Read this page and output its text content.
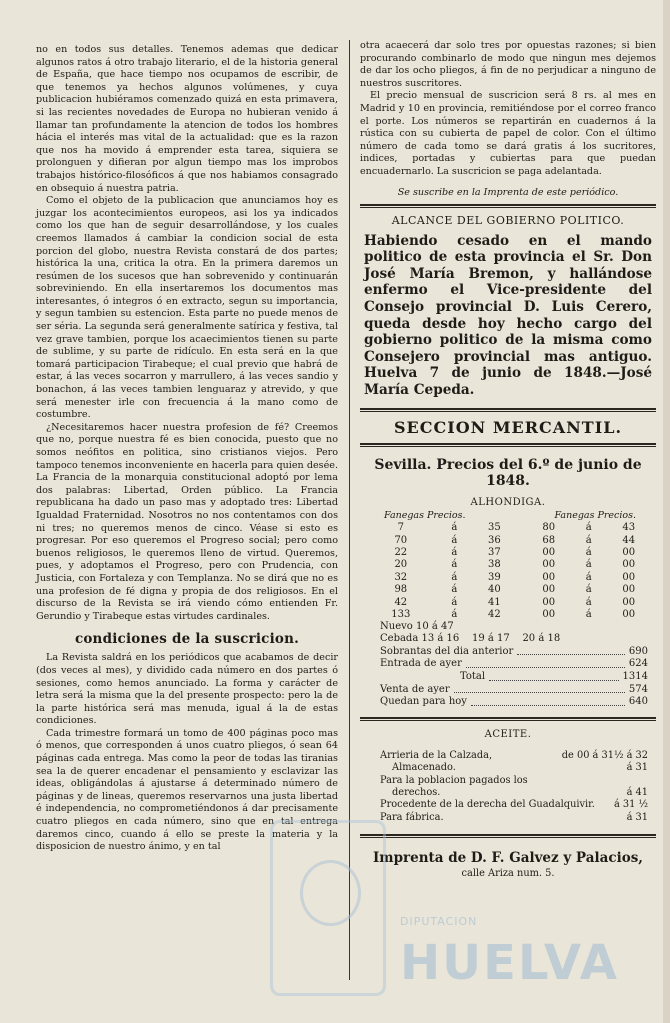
no en todos sus detalles. Tenemos ademas que dedicar algunos ratos á otro trabajo literario, el de la historia general de España, que hace tiempo nos ocupamos de escribir, de que tenemos ya hechos algunos volúmenes, y cuya publicacion hubiéramos comenzado quizá en esta primavera, si las recientes novedades de Europa no hubieran venido á llamar tan profundamente la atencion de todos los hombres hácia el interés mas vital de la actualidad: que es la razon que nos ha movido á emprender esta tarea, siquiera se prolonguen y difieran por algun tiempo mas los improbos trabajos histórico-filosóficos á que nos habiamos consagrado en obsequio á nuestra patria.

Como el objeto de la publicacion que anunciamos hoy es juzgar los acontecimientos europeos, asi los ya indicados como los que han de seguir desarrollándose, y los cuales creemos llamados á cambiar la condicion social de esta porcion del globo, nuestra Revista constará de dos partes; histórica la una, critica la otra. En la primera daremos un resúmen de los sucesos que han sobrevenido y continuarán sobreviniendo. En ella insertaremos los documentos mas interesantes, ó integros ó en extracto, segun su importancia, y segun tambien su estencion. Esta parte no puede menos de ser séria. La segunda será generalmente satírica y festiva, tal vez grave tambien, porque los acaecimientos tienen su parte de sublime, y su parte de ridículo. En esta será en la que tomará participacion Tirabeque; el cual previo que habrá de estar, á las veces socarron y marrullero, á las veces sandio y bonachon, á las veces tambien lenguaraz y atrevido, y que será menester irle con frecuencia á la mano como de costumbre.

¿Necesitaremos hacer nuestra profesion de fé? Creemos que no, porque nuestra fé es bien conocida, puesto que no somos neófitos en politica, sino cristianos viejos. Pero tampoco tenemos inconveniente en hacerla para quien desée. La Francia de la monarquia constitucional adoptó por lema dos palabras: Libertad, Orden público. La Francia republicana ha dado un paso mas y adoptado tres: Libertad Igualdad Fraternidad. Nosotros no nos contentamos con dos ni tres; no queremos menos de cinco. Véase si esto es progresar. Por eso queremos el Progreso social; pero como buenos religiosos, le queremos lleno de virtud. Queremos, pues, y adoptamos el Progreso, pero con Prudencia, con Justicia, con Fortaleza y con Templanza. No se dirá que no es una profesion de fé digna y propia de dos religiosos. En el discurso de la Revista se irá viendo cómo entienden Fr. Gerundio y Tirabeque estas virtudes cardinales.

condiciones de la suscricion.

La Revista saldrá en los periódicos que acabamos de decir (dos veces al mes), y dividido cada número en dos partes ó sesiones, como hemos anunciado. La forma y carácter de letra será la misma que la del presente prospecto: pero la de la parte histórica será mas menuda, igual á la de estas condiciones.

Cada trimestre formará un tomo de 400 páginas poco mas ó menos, que corresponden á unos cuatro pliegos, ó sean 64 páginas cada entrega. Mas como la peor de todas las tiranias sea la de querer encadenar el pensamiento y esclavizar las ideas, obligándolas á ajustarse á determinado número de páginas y de lineas, queremos reservarnos una justa libertad é independencia, no comprometiéndonos á dar precisamente cuatro pliegos en cada número, sino que en tal entrega daremos cinco, cuando á ello se preste la materia y la disposicion de nuestro ánimo, y en tal

otra acaecerá dar solo tres por opuestas razones; si bien procurando combinarlo de modo que ningun mes dejemos de dar los ocho pliegos, á fin de no perjudicar a ninguno de nuestros suscritores.

El precio mensual de suscricion será 8 rs. al mes en Madrid y 10 en provincia, remitiéndose por el correo franco el porte. Los números se repartirán en cuadernos á la rústica con su cubierta de papel de color. Con el último número de cada tomo se dará gratis á los sucritores, indices, portadas y cubiertas para que puedan encuadernarlo. La suscricion se paga adelantada.

Se suscribe en la Imprenta de este periódico.
ALCANCE DEL GOBIERNO POLITICO.

Habiendo cesado en el mando politico de esta provincia el Sr. Don José María Bremon, y hallándose enfermo el Vice-presidente del Consejo provincial D. Luis Cerero, queda desde hoy hecho cargo del gobierno politico de la misma como Consejero provincial mas antiguo. Huelva 7 de junio de 1848.—José María Cepeda.

SECCION MERCANTIL.
Sevilla. Precios del 6.º de junio de 1848.
ALHONDIGA.
Fanegas Precios.	Fanegas Precios.
7	á	35	80	á	43
70	á	36	68	á	44
22	á	37	00	á	00
20	á	38	00	á	00
32	á	39	00	á	00
98	á	40	00	á	00
42	á	41	00	á	00
133	á	42	00	á	00
Nuevo 10 á 47
Cebada 13 á 16    19 á 17    20 á 18
Sobrantas del dia anterior	690
Entrada de ayer	624
Total	1314
Venta de ayer	574
Quedan para hoy	640
ACEITE.
Arrieria de la Calzada,	de 00 á 31½ á 32
Almacenado.	á 31
Para la poblacion pagados los
derechos.	á 41
Procedente de la derecha del Guadalquivir. á 31 ½
Para fábrica.	á 31
Imprenta de D. F. Galvez y Palacios,
calle Ariza num. 5.
DIPUTACION
HUELVA
